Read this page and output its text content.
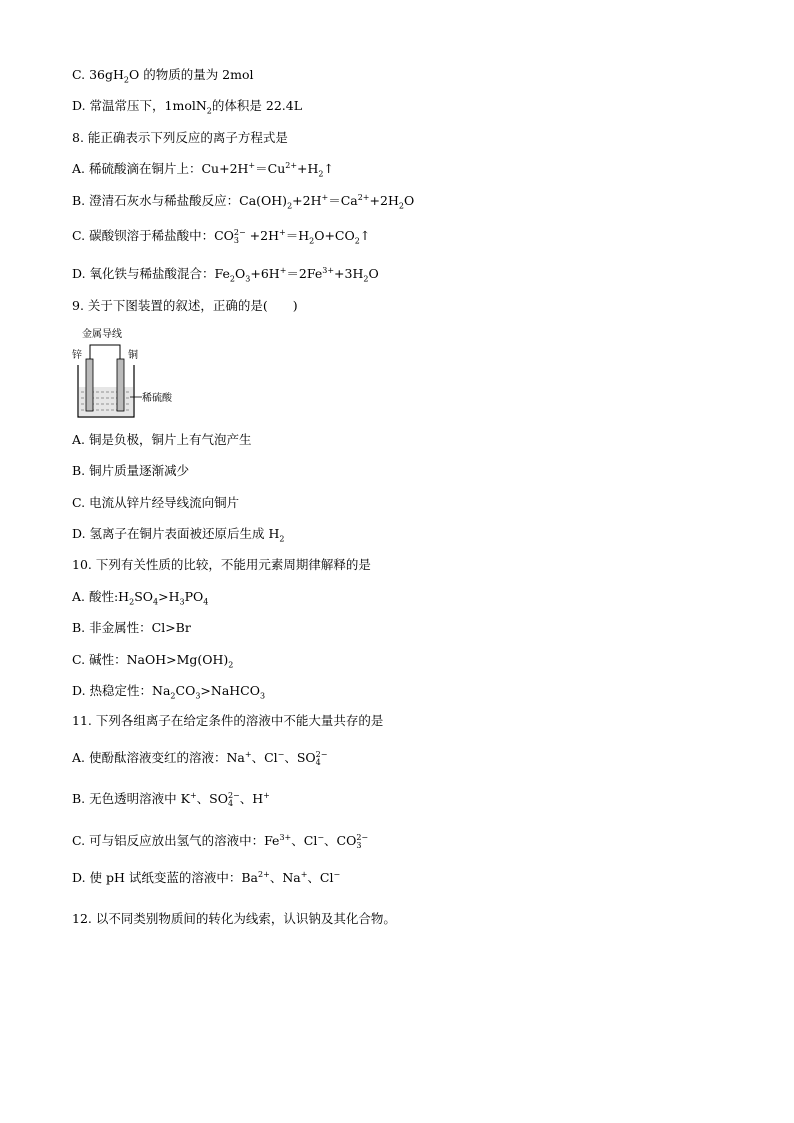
C. $36gH_2O$ 的物质的量为 2mol
D. 常温常压下，1molN$_2$的体积是 22.4L
8. 能正确表示下列反应的离子方程式是
A. 稀硫酸滴在铜片上：$Cu+2H^+=Cu^{2+}+H_2↑$
B. 澄清石灰水与稀盐酸反应：$Ca(OH)_2+2H^+=Ca^{2+}+2H_2O$
C. 碳酸钡溶于稀盐酸中：CO 2−
$3 +2H^+=H_2O+CO_2↑$
D. 氧化铁与稀盐酸混合：$Fe_2O_3+6H^+=2Fe^{3+}+3H_2O$
9. 关于下图装置的叙述，正确的是(　　)
金属导线
锌	铜
稀硫酸
A. 铜是负极，铜片上有气泡产生
B. 铜片质量逐渐减少
C. 电流从锌片经导线流向铜片
D. 氢离子在铜片表面被还原后生成 $H_2$
10. 下列有关性质的比较，不能用元素周期律解释的是
A. 酸性$:H_2SO_4>H_3PO_4$
B. 非金属性：Cl>Br
C. 碱性：$NaOH>Mg(OH)_2$
D. 热稳定性：$Na_2CO_3>NaHCO_3$
11. 下列各组离子在给定条件的溶液中不能大量共存的是
A. 使酚酞溶液变红的溶液：Na+、Cl−、SO 2−
4
B. 无色透明溶液中 K+、SO 2−
4 、H+
C. 可与铝反应放出氢气的溶液中：$Fe^{3+}$、Cl−、CO 2−
3
D. 使 pH 试纸变蓝的溶液中：$Ba^{2+}$、Na+、Cl−
12. 以不同类别物质间的转化为线索，认识钠及其化合物。
